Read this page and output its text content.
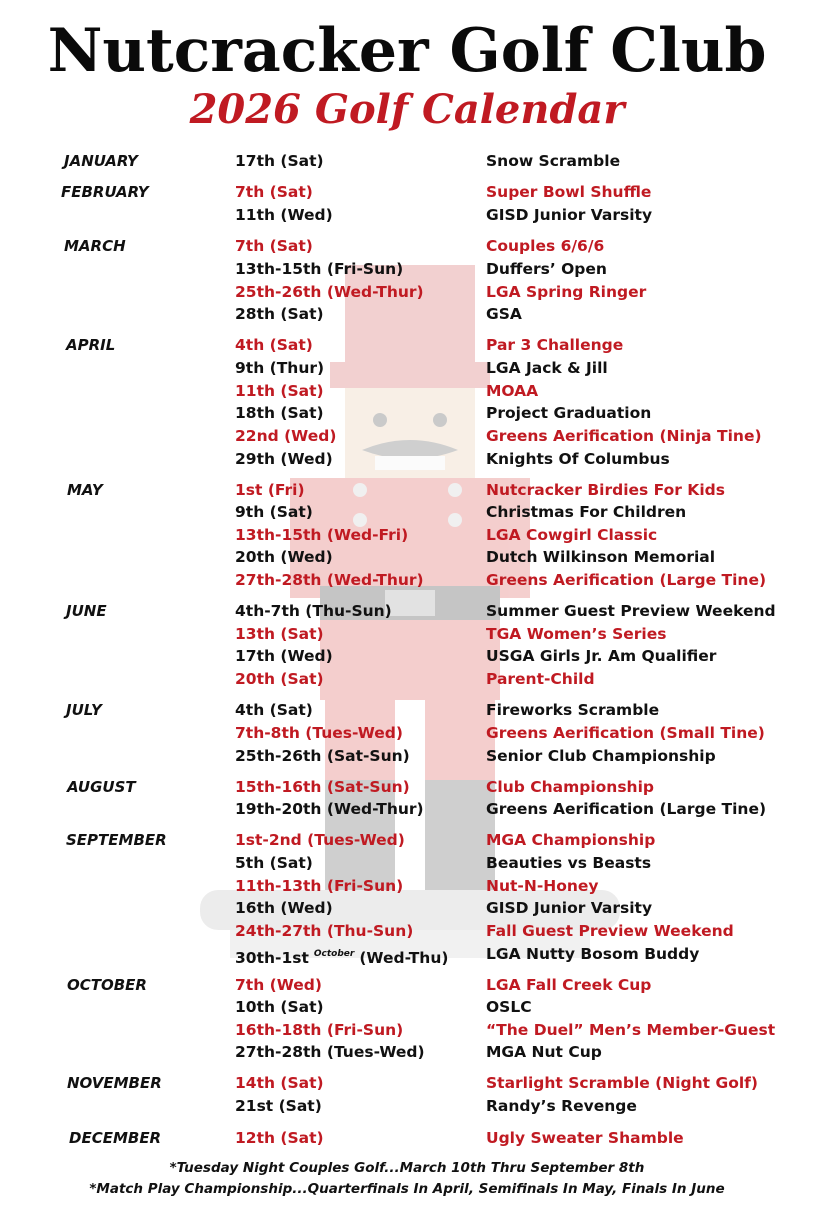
Nutcracker Golf Club
2026 Golf Calendar
JANUARY	17th (Sat)	Snow Scramble
FEBRUARY	7th (Sat)	Super Bowl Shuffle
11th (Wed)	GISD Junior Varsity
MARCH	7th (Sat)	Couples 6/6/6
13th-15th (Fri-Sun)	Duffers’ Open
25th-26th (Wed-Thur)	LGA Spring Ringer
28th (Sat)	GSA
APRIL	4th (Sat)	Par 3 Challenge
9th (Thur)	LGA Jack & Jill
11th (Sat)	MOAA
18th (Sat)	Project Graduation
22nd (Wed)	Greens Aerification (Ninja Tine)
29th (Wed)	Knights Of Columbus
MAY	1st (Fri)	Nutcracker Birdies For Kids
9th (Sat)	Christmas For Children
13th-15th (Wed-Fri)	LGA Cowgirl Classic
20th (Wed)	Dutch Wilkinson Memorial
27th-28th (Wed-Thur)	Greens Aerification (Large Tine)
JUNE	4th-7th (Thu-Sun)	Summer Guest Preview Weekend
13th (Sat)	TGA Women’s Series
17th (Wed)	USGA Girls Jr. Am Qualifier
20th (Sat)	Parent-Child
JULY	4th (Sat)	Fireworks Scramble
7th-8th (Tues-Wed)	Greens Aerification (Small Tine)
25th-26th (Sat-Sun)	Senior Club Championship
AUGUST	15th-16th (Sat-Sun)	Club Championship
19th-20th (Wed-Thur)	Greens Aerification (Large Tine)
SEPTEMBER	1st-2nd (Tues-Wed)	MGA Championship
5th (Sat)	Beauties vs Beasts
11th-13th (Fri-Sun)	Nut-N-Honey
16th (Wed)	GISD Junior Varsity
24th-27th (Thu-Sun)	Fall Guest Preview Weekend
30th-1st $^{October}$ (Wed-Thu) LGA Nutty Bosom Buddy
OCTOBER	7th (Wed)	LGA Fall Creek Cup
10th (Sat)	OSLC
16th-18th (Fri-Sun)	“The Duel” Men’s Member-Guest
27th-28th (Tues-Wed)	MGA Nut Cup
NOVEMBER	14th (Sat)	Starlight Scramble (Night Golf)
21st (Sat)	Randy’s Revenge
DECEMBER	12th (Sat)	Ugly Sweater Shamble
*Tuesday Night Couples Golf...March 10th Thru September 8th
*Match Play Championship...Quarterfinals In April, Semifinals In May, Finals In June
